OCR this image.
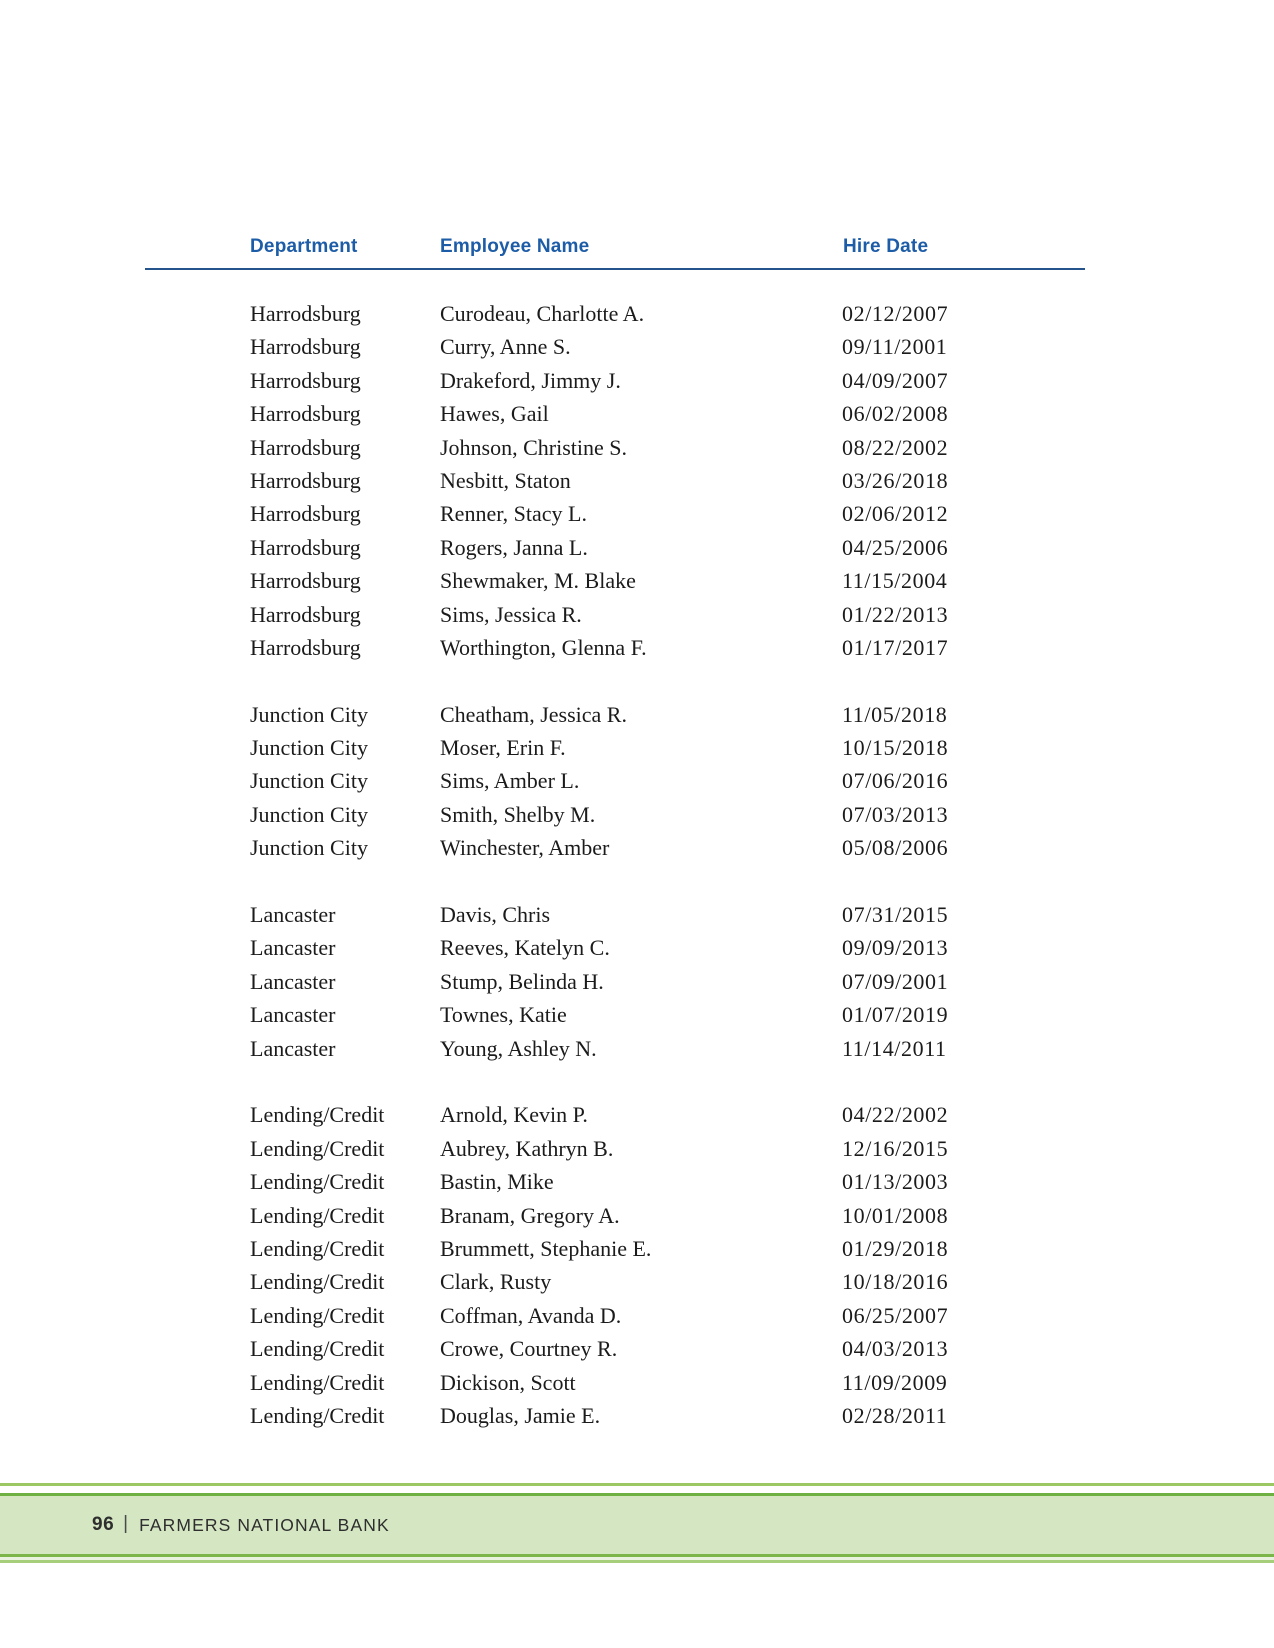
Department	Employee Name	Hire Date
Harrodsburg	Curodeau, Charlotte A.	02/12/2007
Harrodsburg	Curry, Anne S.	09/11/2001
Harrodsburg	Drakeford, Jimmy J.	04/09/2007
Harrodsburg	Hawes, Gail	06/02/2008
Harrodsburg	Johnson, Christine S.	08/22/2002
Harrodsburg	Nesbitt, Staton	03/26/2018
Harrodsburg	Renner, Stacy L.	02/06/2012
Harrodsburg	Rogers, Janna L.	04/25/2006
Harrodsburg	Shewmaker, M. Blake	11/15/2004
Harrodsburg	Sims, Jessica R.	01/22/2013
Harrodsburg	Worthington, Glenna F.	01/17/2017
Junction City	Cheatham, Jessica R.	11/05/2018
Junction City	Moser, Erin F.	10/15/2018
Junction City	Sims, Amber L.	07/06/2016
Junction City	Smith, Shelby M.	07/03/2013
Junction City	Winchester, Amber	05/08/2006
Lancaster	Davis, Chris	07/31/2015
Lancaster	Reeves, Katelyn C.	09/09/2013
Lancaster	Stump, Belinda H.	07/09/2001
Lancaster	Townes, Katie	01/07/2019
Lancaster	Young, Ashley N.	11/14/2011
Lending/Credit	Arnold, Kevin P.	04/22/2002
Lending/Credit	Aubrey, Kathryn B.	12/16/2015
Lending/Credit	Bastin, Mike	01/13/2003
Lending/Credit	Branam, Gregory A.	10/01/2008
Lending/Credit	Brummett, Stephanie E.	01/29/2018
Lending/Credit	Clark, Rusty	10/18/2016
Lending/Credit	Coffman, Avanda D.	06/25/2007
Lending/Credit	Crowe, Courtney R.	04/03/2013
Lending/Credit	Dickison, Scott	11/09/2009
Lending/Credit	Douglas, Jamie E.	02/28/2011
96 | FARMERS NATIONAL BANK
